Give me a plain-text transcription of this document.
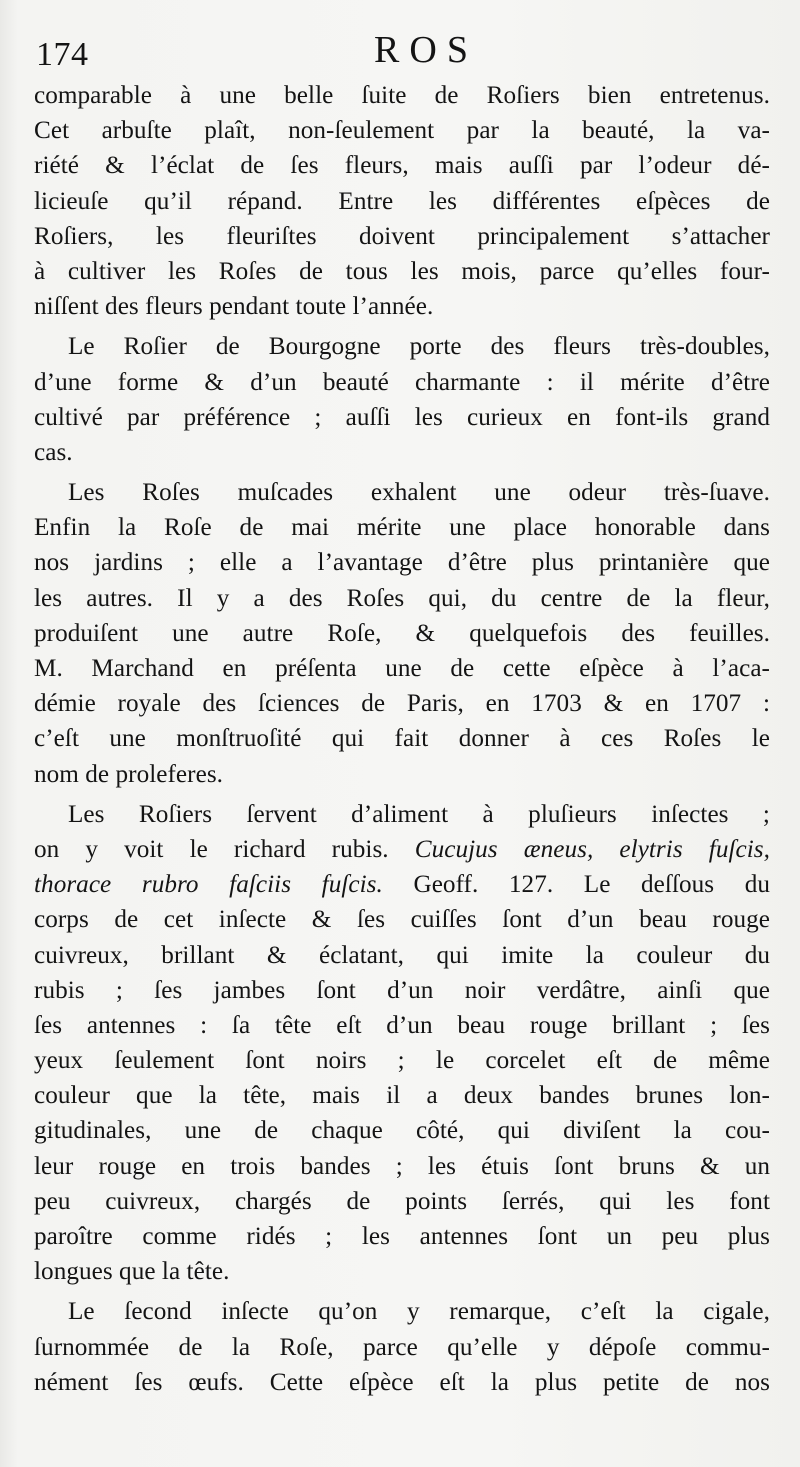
174	ROS
comparable à une belle ſuite de Roſiers bien entretenus.
Cet arbuſte plaît, non-ſeulement par la beauté, la va-
riété & l’éclat de ſes fleurs, mais auſſi par l’odeur dé-
licieuſe qu’il répand. Entre les différentes eſpèces de
Roſiers, les fleuriſtes doivent principalement s’attacher
à cultiver les Roſes de tous les mois, parce qu’elles four-
niſſent des fleurs pendant toute l’année.
Le Roſier de Bourgogne porte des fleurs très-doubles,
d’une forme & d’un beauté charmante : il mérite d’être
cultivé par préférence ; auſſi les curieux en font-ils grand
cas.
Les Roſes muſcades exhalent une odeur très-ſuave.
Enfin la Roſe de mai mérite une place honorable dans
nos jardins ; elle a l’avantage d’être plus printanière que
les autres. Il y a des Roſes qui, du centre de la fleur,
produiſent une autre Roſe, & quelquefois des feuilles.
M. Marchand en préſenta une de cette eſpèce à l’aca-
démie royale des ſciences de Paris, en 1703 & en 1707 :
c’eſt une monſtruoſité qui fait donner à ces Roſes le
nom de proleferes.
Les Roſiers ſervent d’aliment à pluſieurs inſectes ;
on y voit le richard rubis. Cucujus æneus, elytris fuſcis,
thorace rubro faſciis fuſcis. Geoff. 127. Le deſſous du
corps de cet inſecte & ſes cuiſſes ſont d’un beau rouge
cuivreux, brillant & éclatant, qui imite la couleur du
rubis ; ſes jambes ſont d’un noir verdâtre, ainſi que
ſes antennes : ſa tête eſt d’un beau rouge brillant ; ſes
yeux ſeulement ſont noirs ; le corcelet eſt de même
couleur que la tête, mais il a deux bandes brunes lon-
gitudinales, une de chaque côté, qui diviſent la cou-
leur rouge en trois bandes ; les étuis ſont bruns & un
peu cuivreux, chargés de points ſerrés, qui les font
paroître comme ridés ; les antennes ſont un peu plus
longues que la tête.
Le ſecond inſecte qu’on y remarque, c’eſt la cigale,
ſurnommée de la Roſe, parce qu’elle y dépoſe commu-
nément ſes œufs. Cette eſpèce eſt la plus petite de nos
